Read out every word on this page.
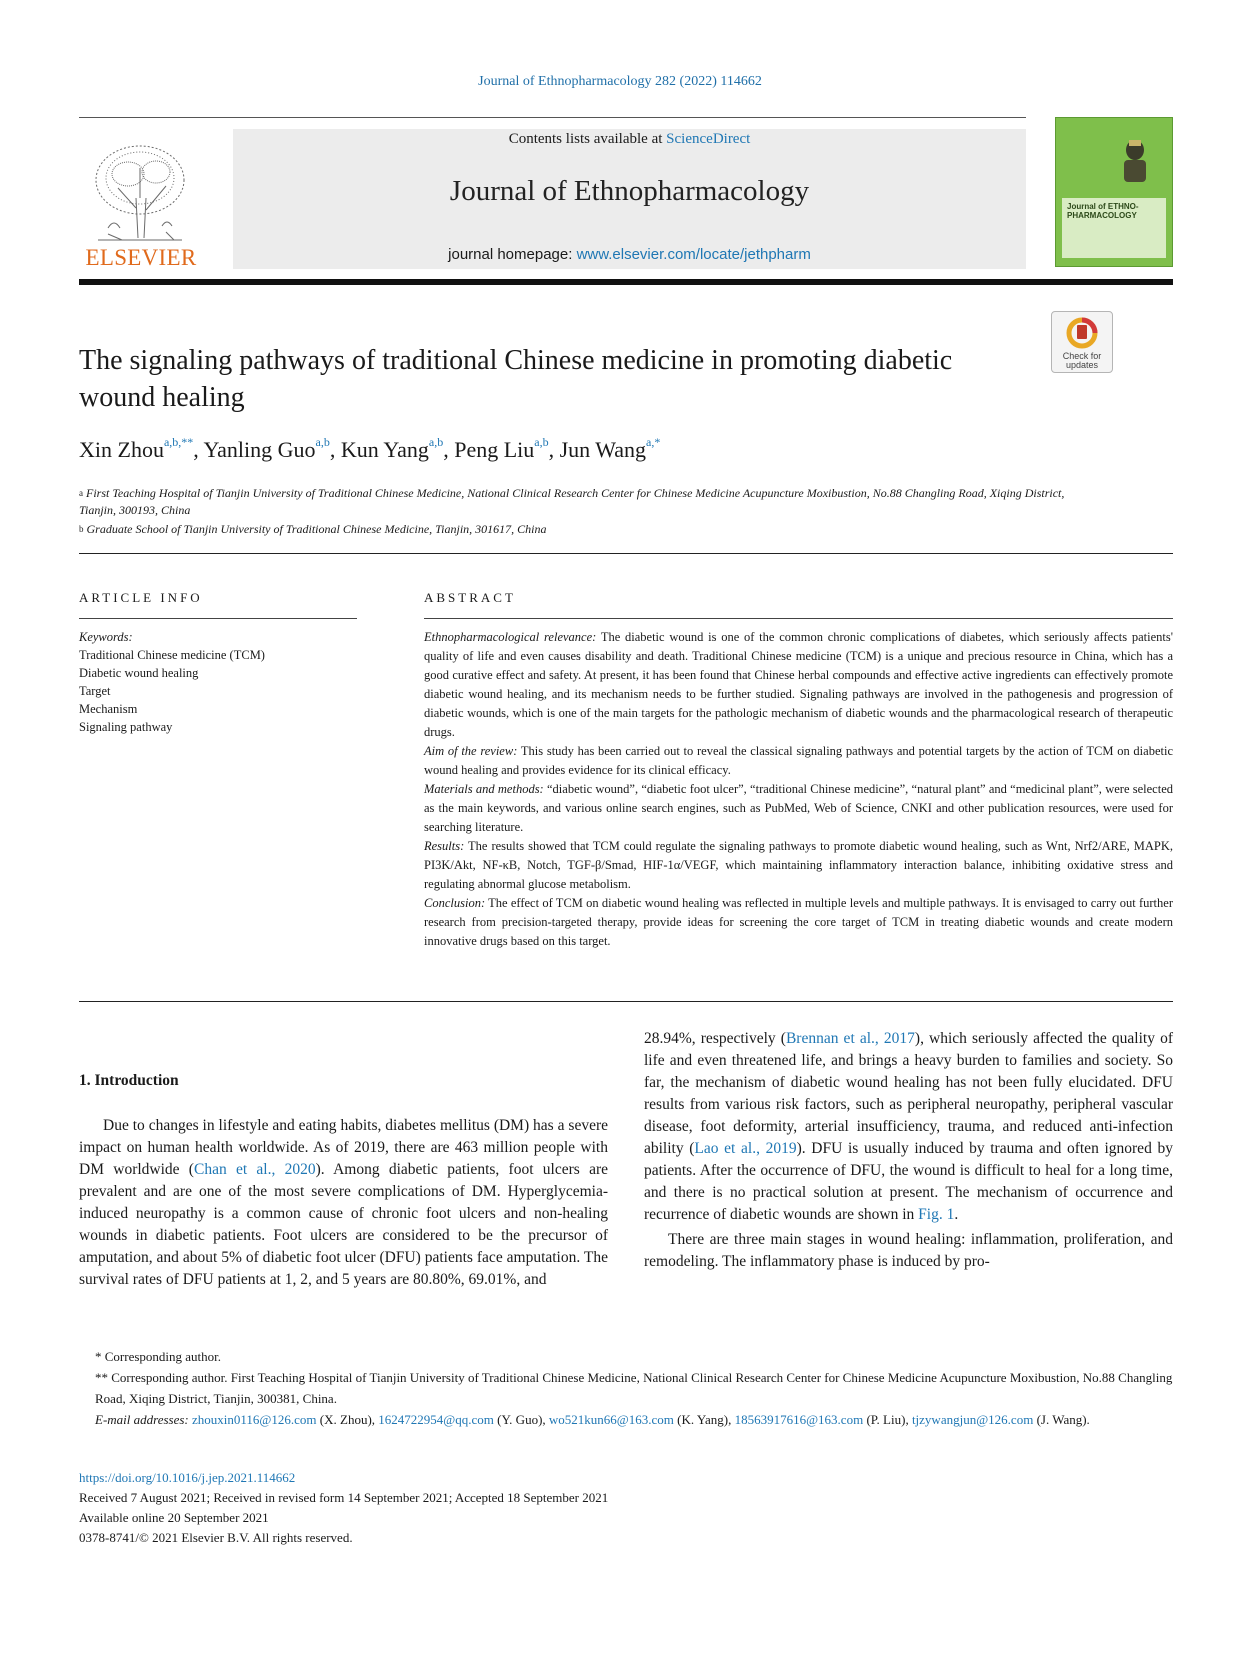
Journal of Ethnopharmacology 282 (2022) 114662
ELSEVIER
Contents lists available at ScienceDirect
Journal of Ethnopharmacology
journal homepage: www.elsevier.com/locate/jethpharm
Journal of ETHNO-PHARMACOLOGY
Check for updates
The signaling pathways of traditional Chinese medicine in promoting diabetic wound healing
Xin Zhou$^{a,b,**}$, Yanling Guo$^{a,b}$, Kun Yang$^{a,b}$, Peng Liu$^{a,b}$, Jun Wang$^{a,*}$
$^a$ First Teaching Hospital of Tianjin University of Traditional Chinese Medicine, National Clinical Research Center for Chinese Medicine Acupuncture Moxibustion, No.88 Changling Road, Xiqing District, Tianjin, 300193, China
$^b$ Graduate School of Tianjin University of Traditional Chinese Medicine, Tianjin, 301617, China
ARTICLE INFO	ABSTRACT
Keywords:
Traditional Chinese medicine (TCM)
Diabetic wound healing
Target
Mechanism
Signaling pathway

Ethnopharmacological relevance: The diabetic wound is one of the common chronic complications of diabetes, which seriously affects patients' quality of life and even causes disability and death. Traditional Chinese medicine (TCM) is a unique and precious resource in China, which has a good curative effect and safety. At present, it has been found that Chinese herbal compounds and effective active ingredients can effectively promote diabetic wound healing, and its mechanism needs to be further studied. Signaling pathways are involved in the pathogenesis and progression of diabetic wounds, which is one of the main targets for the pathologic mechanism of diabetic wounds and the pharmacological research of therapeutic drugs.

Aim of the review: This study has been carried out to reveal the classical signaling pathways and potential targets by the action of TCM on diabetic wound healing and provides evidence for its clinical efficacy.

Materials and methods: “diabetic wound”, “diabetic foot ulcer”, “traditional Chinese medicine”, “natural plant” and “medicinal plant”, were selected as the main keywords, and various online search engines, such as PubMed, Web of Science, CNKI and other publication resources, were used for searching literature.

Results: The results showed that TCM could regulate the signaling pathways to promote diabetic wound healing, such as Wnt, Nrf2/ARE, MAPK, PI3K/Akt, NF-κB, Notch, TGF-β/Smad, HIF-1α/VEGF, which maintaining inflammatory interaction balance, inhibiting oxidative stress and regulating abnormal glucose metabolism.

Conclusion: The effect of TCM on diabetic wound healing was reflected in multiple levels and multiple pathways. It is envisaged to carry out further research from precision-targeted therapy, provide ideas for screening the core target of TCM in treating diabetic wounds and create modern innovative drugs based on this target.

1. Introduction
Due to changes in lifestyle and eating habits, diabetes mellitus (DM) has a severe impact on human health worldwide. As of 2019, there are 463 million people with DM worldwide (Chan et al., 2020). Among diabetic patients, foot ulcers are prevalent and are one of the most severe complications of DM. Hyperglycemia-induced neuropathy is a common cause of chronic foot ulcers and non-healing wounds in diabetic patients. Foot ulcers are considered to be the precursor of amputation, and about 5% of diabetic foot ulcer (DFU) patients face amputation. The survival rates of DFU patients at 1, 2, and 5 years are 80.80%, 69.01%, and

28.94%, respectively (Brennan et al., 2017), which seriously affected the quality of life and even threatened life, and brings a heavy burden to families and society. So far, the mechanism of diabetic wound healing has not been fully elucidated. DFU results from various risk factors, such as peripheral neuropathy, peripheral vascular disease, foot deformity, arterial insufficiency, trauma, and reduced anti-infection ability (Lao et al., 2019). DFU is usually induced by trauma and often ignored by patients. After the occurrence of DFU, the wound is difficult to heal for a long time, and there is no practical solution at present. The mechanism of occurrence and recurrence of diabetic wounds are shown in Fig. 1.

There are three main stages in wound healing: inflammation, proliferation, and remodeling. The inflammatory phase is induced by pro-

* Corresponding author.
** Corresponding author. First Teaching Hospital of Tianjin University of Traditional Chinese Medicine, National Clinical Research Center for Chinese Medicine Acupuncture Moxibustion, No.88 Changling Road, Xiqing District, Tianjin, 300381, China.
E-mail addresses: zhouxin0116@126.com (X. Zhou), 1624722954@qq.com (Y. Guo), wo521kun66@163.com (K. Yang), 18563917616@163.com (P. Liu), tjzywangjun@126.com (J. Wang).
https://doi.org/10.1016/j.jep.2021.114662
Received 7 August 2021; Received in revised form 14 September 2021; Accepted 18 September 2021
Available online 20 September 2021
0378-8741/© 2021 Elsevier B.V. All rights reserved.
